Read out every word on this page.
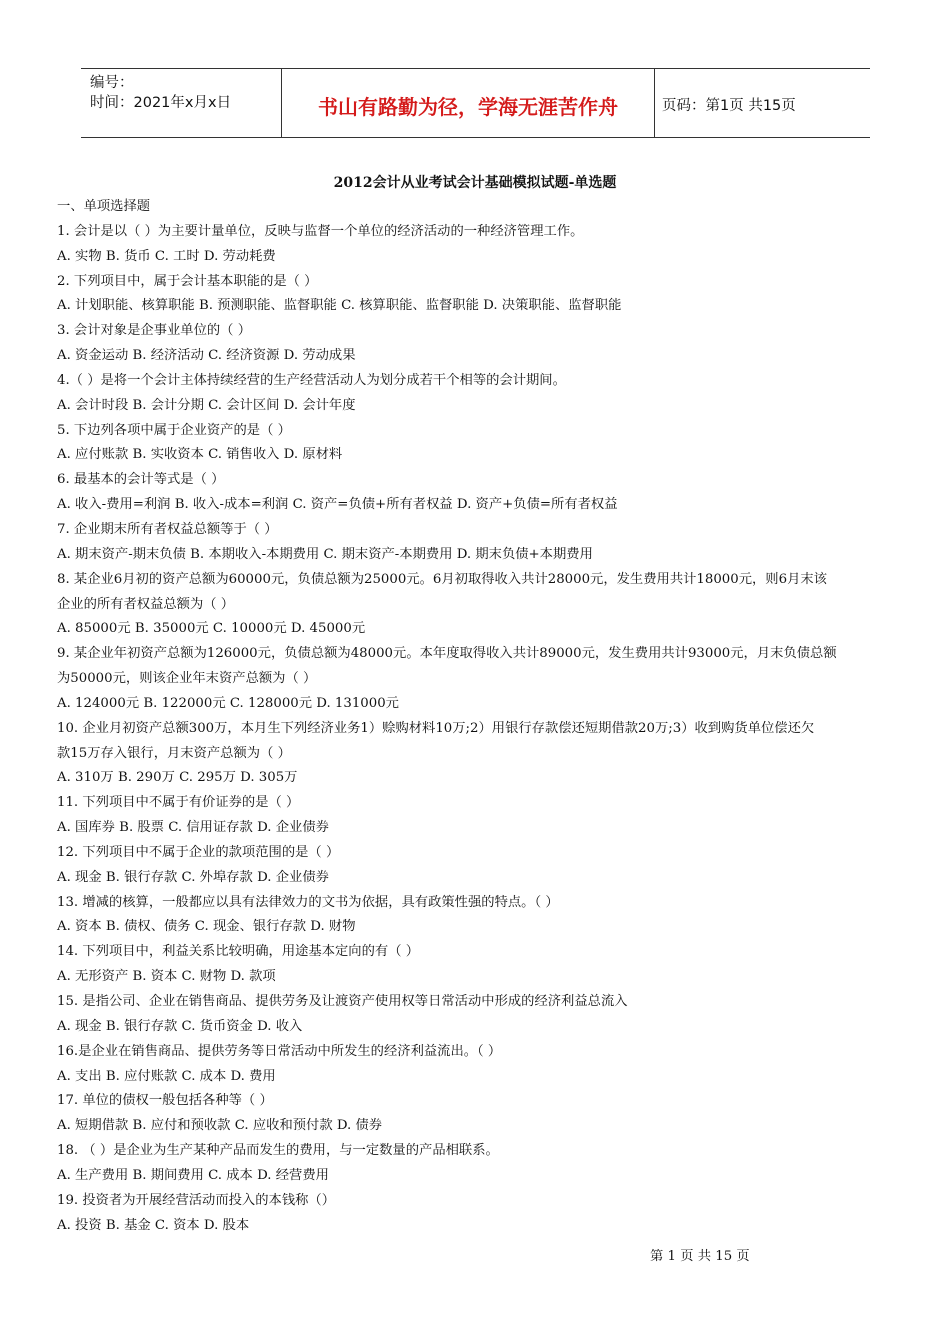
编号：
时间：2021年x月x日	书山有路勤为径，学海无涯苦作舟	页码：第1页 共15页
2012会计从业考试会计基础模拟试题-单选题
一、单项选择题
1. 会计是以（ ）为主要计量单位，反映与监督一个单位的经济活动的一种经济管理工作。
A. 实物 B. 货币 C. 工时 D. 劳动耗费
2. 下列项目中，属于会计基本职能的是（ ）
A. 计划职能、核算职能 B. 预测职能、监督职能 C. 核算职能、监督职能 D. 决策职能、监督职能
3. 会计对象是企事业单位的（ ）
A. 资金运动 B. 经济活动 C. 经济资源 D. 劳动成果
4.（ ）是将一个会计主体持续经营的生产经营活动人为划分成若干个相等的会计期间。
A. 会计时段 B. 会计分期 C. 会计区间 D. 会计年度
5. 下边列各项中属于企业资产的是（ ）
A. 应付账款 B. 实收资本 C. 销售收入 D. 原材料
6. 最基本的会计等式是（ ）
A. 收入-费用=利润 B. 收入-成本=利润 C. 资产=负债+所有者权益 D. 资产+负债=所有者权益
7. 企业期末所有者权益总额等于（ ）
A. 期末资产-期末负债 B. 本期收入-本期费用 C. 期末资产-本期费用 D. 期末负债+本期费用
8. 某企业6月初的资产总额为60000元，负债总额为25000元。6月初取得收入共计28000元，发生费用共计18000元，则6月末该
企业的所有者权益总额为（ ）
A. 85000元 B. 35000元 C. 10000元 D. 45000元
9. 某企业年初资产总额为126000元，负债总额为48000元。本年度取得收入共计89000元，发生费用共计93000元，月末负债总额
为50000元，则该企业年末资产总额为（ ）
A. 124000元 B. 122000元 C. 128000元 D. 131000元
10. 企业月初资产总额300万，本月生下列经济业务1）赊购材料10万;2）用银行存款偿还短期借款20万;3）收到购货单位偿还欠
款15万存入银行，月末资产总额为（ ）
A. 310万 B. 290万 C. 295万 D. 305万
11. 下列项目中不属于有价证券的是（ ）
A. 国库券 B. 股票 C. 信用证存款 D. 企业债券
12. 下列项目中不属于企业的款项范围的是（ ）
A. 现金 B. 银行存款 C. 外埠存款 D. 企业债券
13. 增减的核算，一般都应以具有法律效力的文书为依据，具有政策性强的特点。（ ）
A. 资本 B. 债权、债务 C. 现金、银行存款 D. 财物
14. 下列项目中，利益关系比较明确，用途基本定向的有（ ）
A. 无形资产 B. 资本 C. 财物 D. 款项
15. 是指公司、企业在销售商品、提供劳务及让渡资产使用权等日常活动中形成的经济利益总流入
A. 现金 B. 银行存款 C. 货币资金 D. 收入
16.是企业在销售商品、提供劳务等日常活动中所发生的经济利益流出。（ ）
A. 支出 B. 应付账款 C. 成本 D. 费用
17. 单位的债权一般包括各种等（ ）
A. 短期借款 B. 应付和预收款 C. 应收和预付款 D. 债券
18. （ ）是企业为生产某种产品而发生的费用，与一定数量的产品相联系。
A. 生产费用 B. 期间费用 C. 成本 D. 经营费用
19. 投资者为开展经营活动而投入的本钱称（）
A. 投资 B. 基金 C. 资本 D. 股本
第 1 页 共 15 页
